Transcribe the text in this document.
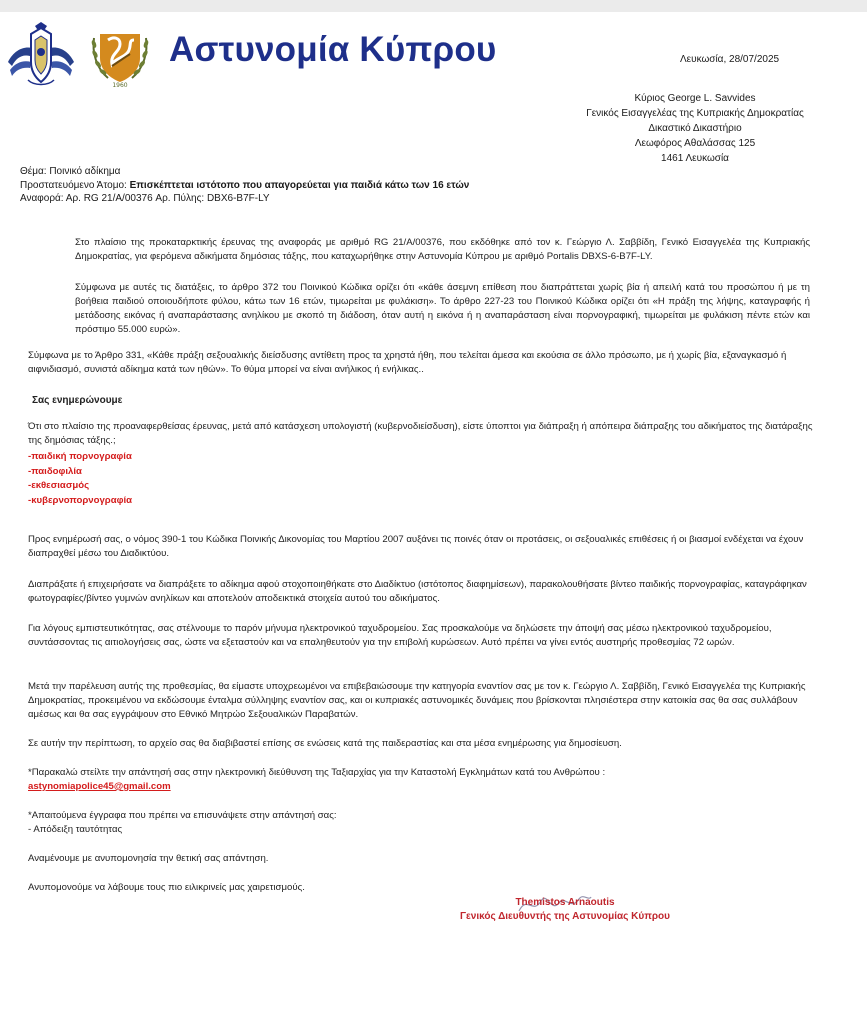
1960
Αστυνομία Κύπρου	Λευκωσία, 28/07/2025
Κύριος George L. Savvides
Γενικός Εισαγγελέας της Κυπριακής Δημοκρατίας
Δικαστικό Δικαστήριο
Λεωφόρος Αθαλάσσας 125
1461 Λευκωσία
Θέμα: Ποινικό αδίκημα
Προστατευόμενο Άτομο: Επισκέπτεται ιστότοπο που απαγορεύεται για παιδιά κάτω των 16 ετών
Αναφορά: Αρ. RG 21/A/00376 Αρ. Πύλης: DBX6-B7F-LY
Στο πλαίσιο της προκαταρκτικής έρευνας της αναφοράς με αριθμό RG 21/A/00376, που εκδόθηκε από τον κ. Γεώργιο Λ. Σαββίδη, Γενικό Εισαγγελέα της Κυπριακής Δημοκρατίας, για φερόμενα αδικήματα δημόσιας τάξης, που καταχωρήθηκε στην Αστυνομία Κύπρου με αριθμό Portalis DBXS-6-B7F-LY.
Σύμφωνα με αυτές τις διατάξεις, το άρθρο 372 του Ποινικού Κώδικα ορίζει ότι «κάθε άσεμνη επίθεση που διαπράττεται χωρίς βία ή απειλή κατά του προσώπου ή με τη βοήθεια παιδιού οποιουδήποτε φύλου, κάτω των 16 ετών, τιμωρείται με φυλάκιση». Το άρθρο 227-23 του Ποινικού Κώδικα ορίζει ότι «Η πράξη της λήψης, καταγραφής ή μετάδοσης εικόνας ή αναπαράστασης ανηλίκου με σκοπό τη διάδοση, όταν αυτή η εικόνα ή η αναπαράσταση είναι πορνογραφική, τιμωρείται με φυλάκιση πέντε ετών και πρόστιμο 55.000 ευρώ».
Σύμφωνα με το Άρθρο 331, «Κάθε πράξη σεξουαλικής διείσδυσης αντίθετη προς τα χρηστά ήθη, που τελείται άμεσα και εκούσια σε άλλο πρόσωπο, με ή χωρίς βία, εξαναγκασμό ή αιφνιδιασμό, συνιστά αδίκημα κατά των ηθών». Το θύμα μπορεί να είναι ανήλικος ή ενήλικας..
Σας ενημερώνουμε
Ότι στο πλαίσιο της προαναφερθείσας έρευνας, μετά από κατάσχεση υπολογιστή (κυβερνοδιείσδυση), είστε ύποπτοι για διάπραξη ή απόπειρα διάπραξης του αδικήματος της διατάραξης της δημόσιας τάξης.;
-παιδική πορνογραφία
-παιδοφιλία
-εκθεσιασμός
-κυβερνοπορνογραφία
Προς ενημέρωσή σας, ο νόμος 390-1 του Κώδικα Ποινικής Δικονομίας του Μαρτίου 2007 αυξάνει τις ποινές όταν οι προτάσεις, οι σεξουαλικές επιθέσεις ή οι βιασμοί ενδέχεται να έχουν διαπραχθεί μέσω του Διαδικτύου.
Διαπράξατε ή επιχειρήσατε να διαπράξετε το αδίκημα αφού στοχοποιηθήκατε στο Διαδίκτυο (ιστότοπος διαφημίσεων), παρακολουθήσατε βίντεο παιδικής πορνογραφίας, καταγράφηκαν φωτογραφίες/βίντεο γυμνών ανηλίκων και αποτελούν αποδεικτικά στοιχεία αυτού του αδικήματος.
Για λόγους εμπιστευτικότητας, σας στέλνουμε το παρόν μήνυμα ηλεκτρονικού ταχυδρομείου. Σας προσκαλούμε να δηλώσετε την άποψή σας μέσω ηλεκτρονικού ταχυδρομείου, συντάσσοντας τις αιτιολογήσεις σας, ώστε να εξεταστούν και να επαληθευτούν για την επιβολή κυρώσεων. Αυτό πρέπει να γίνει εντός αυστηρής προθεσμίας 72 ωρών.
Μετά την παρέλευση αυτής της προθεσμίας, θα είμαστε υποχρεωμένοι να επιβεβαιώσουμε την κατηγορία εναντίον σας με τον κ. Γεώργιο Λ. Σαββίδη, Γενικό Εισαγγελέα της Κυπριακής Δημοκρατίας, προκειμένου να εκδώσουμε ένταλμα σύλληψης εναντίον σας, και οι κυπριακές αστυνομικές δυνάμεις που βρίσκονται πλησιέστερα στην κατοικία σας θα σας συλλάβουν αμέσως και θα σας εγγράψουν στο Εθνικό Μητρώο Σεξουαλικών Παραβατών.
Σε αυτήν την περίπτωση, το αρχείο σας θα διαβιβαστεί επίσης σε ενώσεις κατά της παιδεραστίας και στα μέσα ενημέρωσης για δημοσίευση.
*Παρακαλώ στείλτε την απάντησή σας στην ηλεκτρονική διεύθυνση της Ταξιαρχίας για την Καταστολή Εγκλημάτων κατά του Ανθρώπου :
astynomiapolice45@gmail.com
*Απαιτούμενα έγγραφα που πρέπει να επισυνάψετε στην απάντησή σας:
- Απόδειξη ταυτότητας
Αναμένουμε με ανυπομονησία την θετική σας απάντηση.
Ανυπομονούμε να λάβουμε τους πιο ειλικρινείς μας χαιρετισμούς.
Themistos Arnaoutis
Γενικός Διευθυντής της Αστυνομίας Κύπρου
